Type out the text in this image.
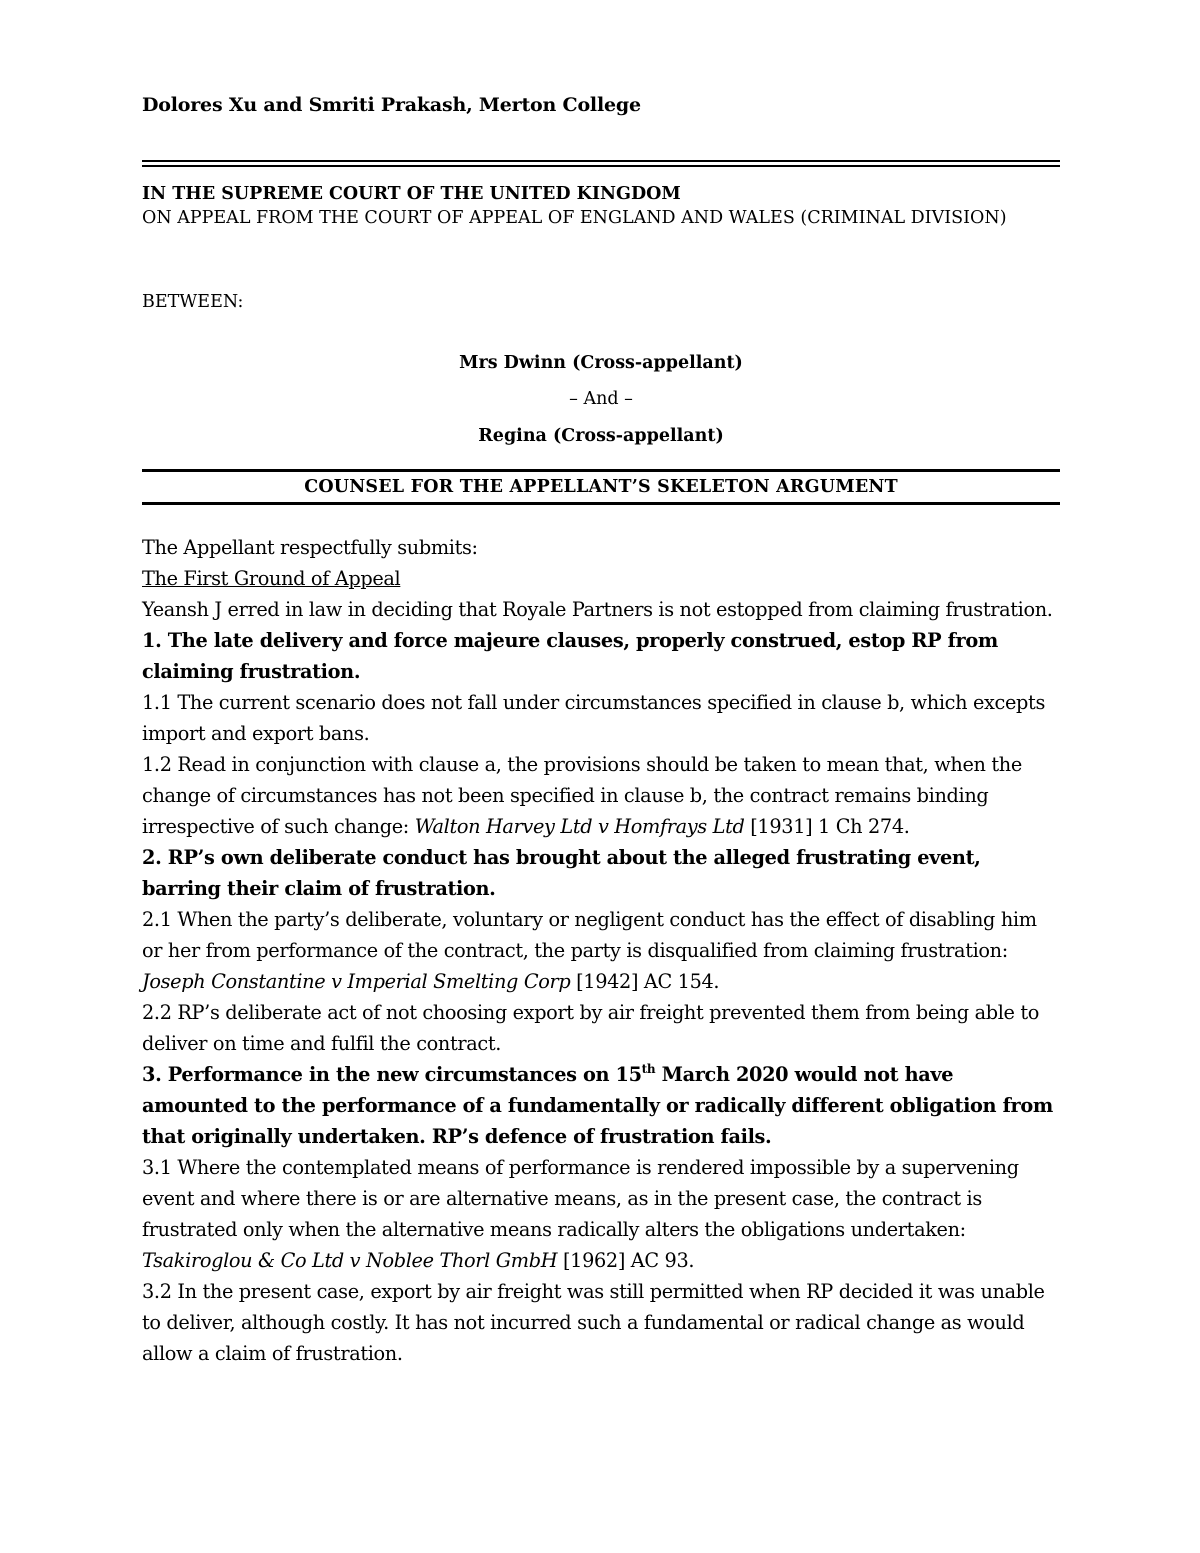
Dolores Xu and Smriti Prakash, Merton College
IN THE SUPREME COURT OF THE UNITED KINGDOM
ON APPEAL FROM THE COURT OF APPEAL OF ENGLAND AND WALES (CRIMINAL DIVISION)
BETWEEN:
Mrs Dwinn (Cross-appellant)
– And –
Regina (Cross-appellant)
COUNSEL FOR THE APPELLANT’S SKELETON ARGUMENT

The Appellant respectfully submits:

The First Ground of Appeal

Yeansh J erred in law in deciding that Royale Partners is not estopped from claiming frustration.

1. The late delivery and force majeure clauses, properly construed, estop RP from claiming frustration.

1.1 The current scenario does not fall under circumstances specified in clause b, which excepts import and export bans.

1.2 Read in conjunction with clause a, the provisions should be taken to mean that, when the change of circumstances has not been specified in clause b, the contract remains binding irrespective of such change: Walton Harvey Ltd v Homfrays Ltd [1931] 1 Ch 274.

2. RP’s own deliberate conduct has brought about the alleged frustrating event, barring their claim of frustration.

2.1 When the party’s deliberate, voluntary or negligent conduct has the effect of disabling him or her from performance of the contract, the party is disqualified from claiming frustration: Joseph Constantine v Imperial Smelting Corp [1942] AC 154.

2.2 RP’s deliberate act of not choosing export by air freight prevented them from being able to deliver on time and fulfil the contract.

3. Performance in the new circumstances on 15th March 2020 would not have amounted to the performance of a fundamentally or radically different obligation from that originally undertaken. RP’s defence of frustration fails.

3.1 Where the contemplated means of performance is rendered impossible by a supervening event and where there is or are alternative means, as in the present case, the contract is frustrated only when the alternative means radically alters the obligations undertaken: Tsakiroglou & Co Ltd v Noblee Thorl GmbH [1962] AC 93.

3.2 In the present case, export by air freight was still permitted when RP decided it was unable to deliver, although costly. It has not incurred such a fundamental or radical change as would allow a claim of frustration.
